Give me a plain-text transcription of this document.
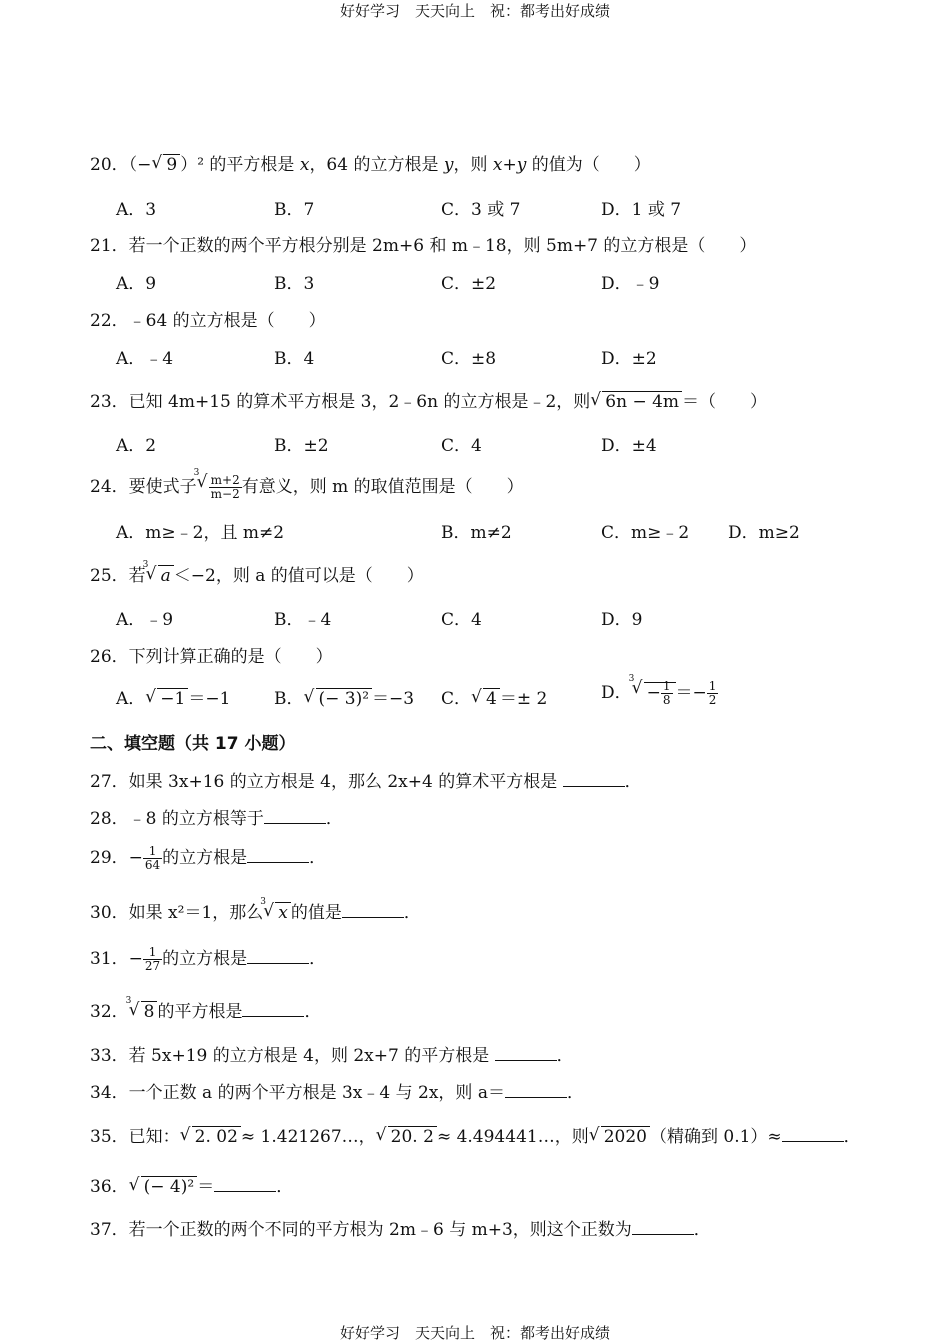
好好学习　天天向上　祝：都考出好成绩
20．（− √ 9 ）² 的平方根是 x，64 的立方根是 y，则 x+y 的值为（　　）
A．3	B．7	C．3 或 7	D．1 或 7
21．若一个正数的两个平方根分别是 2m+6 和 m﹣18，则 5m+7 的立方根是（　　）
A．9	B．3	C．±2	D．﹣9
22．﹣64 的立方根是（　　）
A．﹣4	B．4	C．±8	D．±2
23．已知 4m+15 的算术平方根是 3，2﹣6n 的立方根是﹣2，则 √ 6n − 4m ＝（　　）
A．2	B．±2	C．4	D．±4
24．要使式子
√ 3
$\frac{m+2}{m-2}$ 有意义，则 m 的取值范围是（　　）
A．m≥﹣2，且 m≠2	B．m≠2	C．m≥﹣2 D．m≥2
25．若
√ 3
a ＜−2，则 a 的值可以是（　　）
A．﹣9	B．﹣4	C．4	D．9
26．下列计算正确的是（　　）
A． √ −1 ＝−1	B． √ (− 3)² ＝−3 C． √ 4 ＝± 2	D．
√ 3
− $\frac{1}{8} =- \frac{1}{2}$
二、填空题（共 17 小题）
27．如果 3x+16 的立方根是 4，那么 2x+4 的算术平方根是	．
28．﹣8 的立方根等于	．
29．− $\frac{1}{64}$ 的立方根是	．
30．如果 x²＝1，那么
√ 3
x 的值是	．
31．− $\frac{1}{27}$ 的立方根是	．
32．
√ 3
8 的平方根是	．
33．若 5x+19 的立方根是 4，则 2x+7 的平方根是	．
34．一个正数 a 的两个平方根是 3x﹣4 与 2x，则 a＝	．
35．已知： √ 2. 02 ≈ 1.421267…， √ 20. 2 ≈ 4.494441…，则 √ 2020 （精确到 0.1）≈	．
36． √ (− 4)² ＝	．
37．若一个正数的两个不同的平方根为 2m﹣6 与 m+3，则这个正数为	．
好好学习　天天向上　祝：都考出好成绩
